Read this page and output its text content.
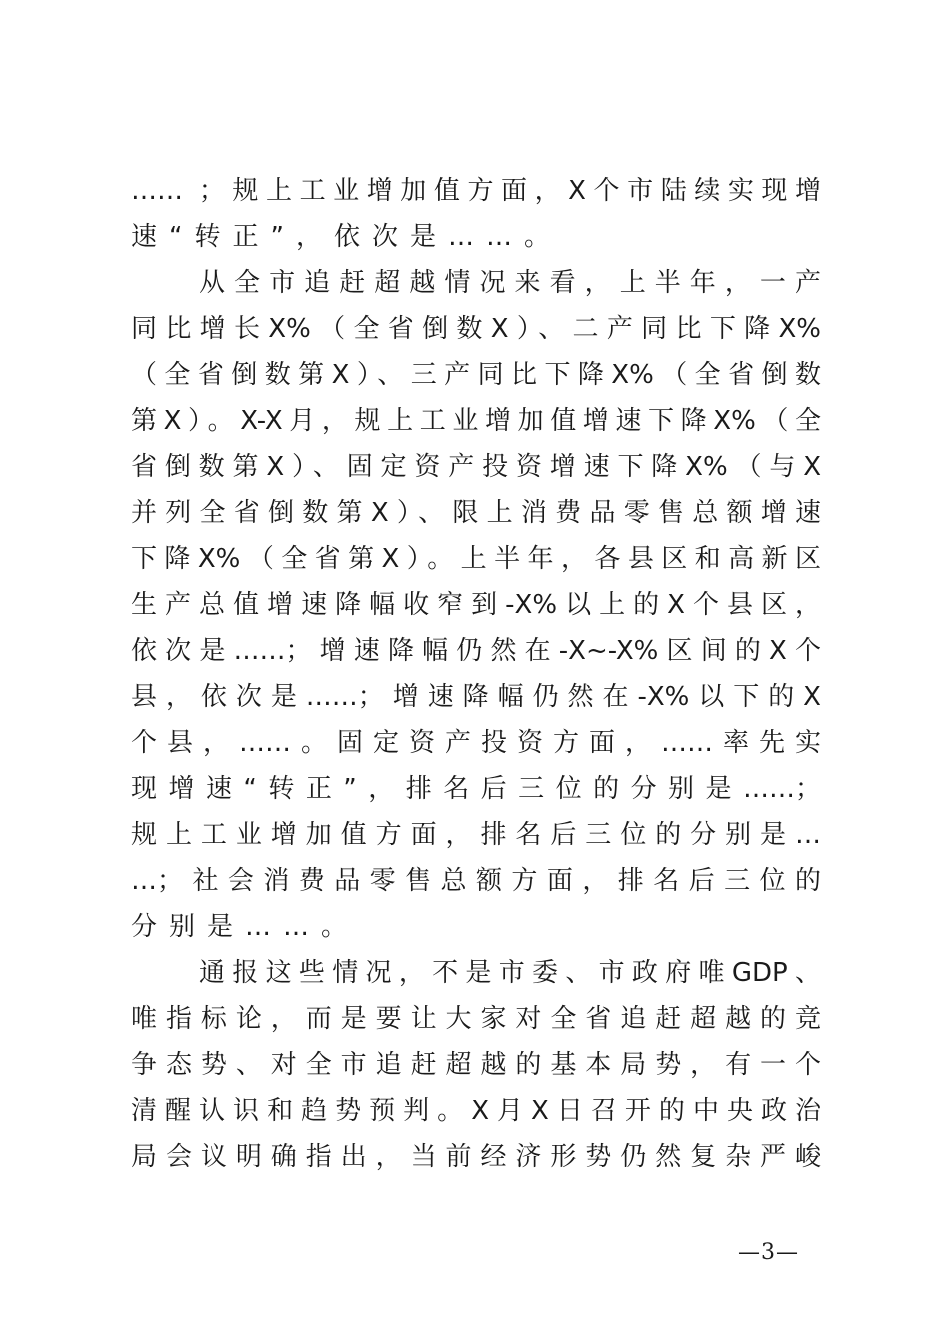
…… ；规上工业增加值方面，X个市陆续实现增
速“转正”，依次是……。
从全市追赶超越情况来看，上半年，一产
同比增长X%（全省倒数X）、二产同比下降X%
（全省倒数第X）、三产同比下降X%（全省倒数
第X）。X-X月，规上工业增加值增速下降X%（全
省倒数第X）、固定资产投资增速下降X%（与X
并列全省倒数第X）、限上消费品零售总额增速
下降X%（全省第X）。上半年，各县区和高新区
生产总值增速降幅收窄到-X%以上的X个县区，
依次是……；增速降幅仍然在-X~-X%区间的X个
县，依次是……；增速降幅仍然在-X%以下的X
个县，……。固定资产投资方面，……率先实
现增速“转正”，排名后三位的分别是……；
规上工业增加值方面，排名后三位的分别是…
…；社会消费品零售总额方面，排名后三位的
分别是……。
通报这些情况，不是市委、市政府唯GDP、
唯指标论，而是要让大家对全省追赶超越的竞
争态势、对全市追赶超越的基本局势，有一个
清醒认识和趋势预判。X月X日召开的中央政治
局会议明确指出，当前经济形势仍然复杂严峻
—3—
